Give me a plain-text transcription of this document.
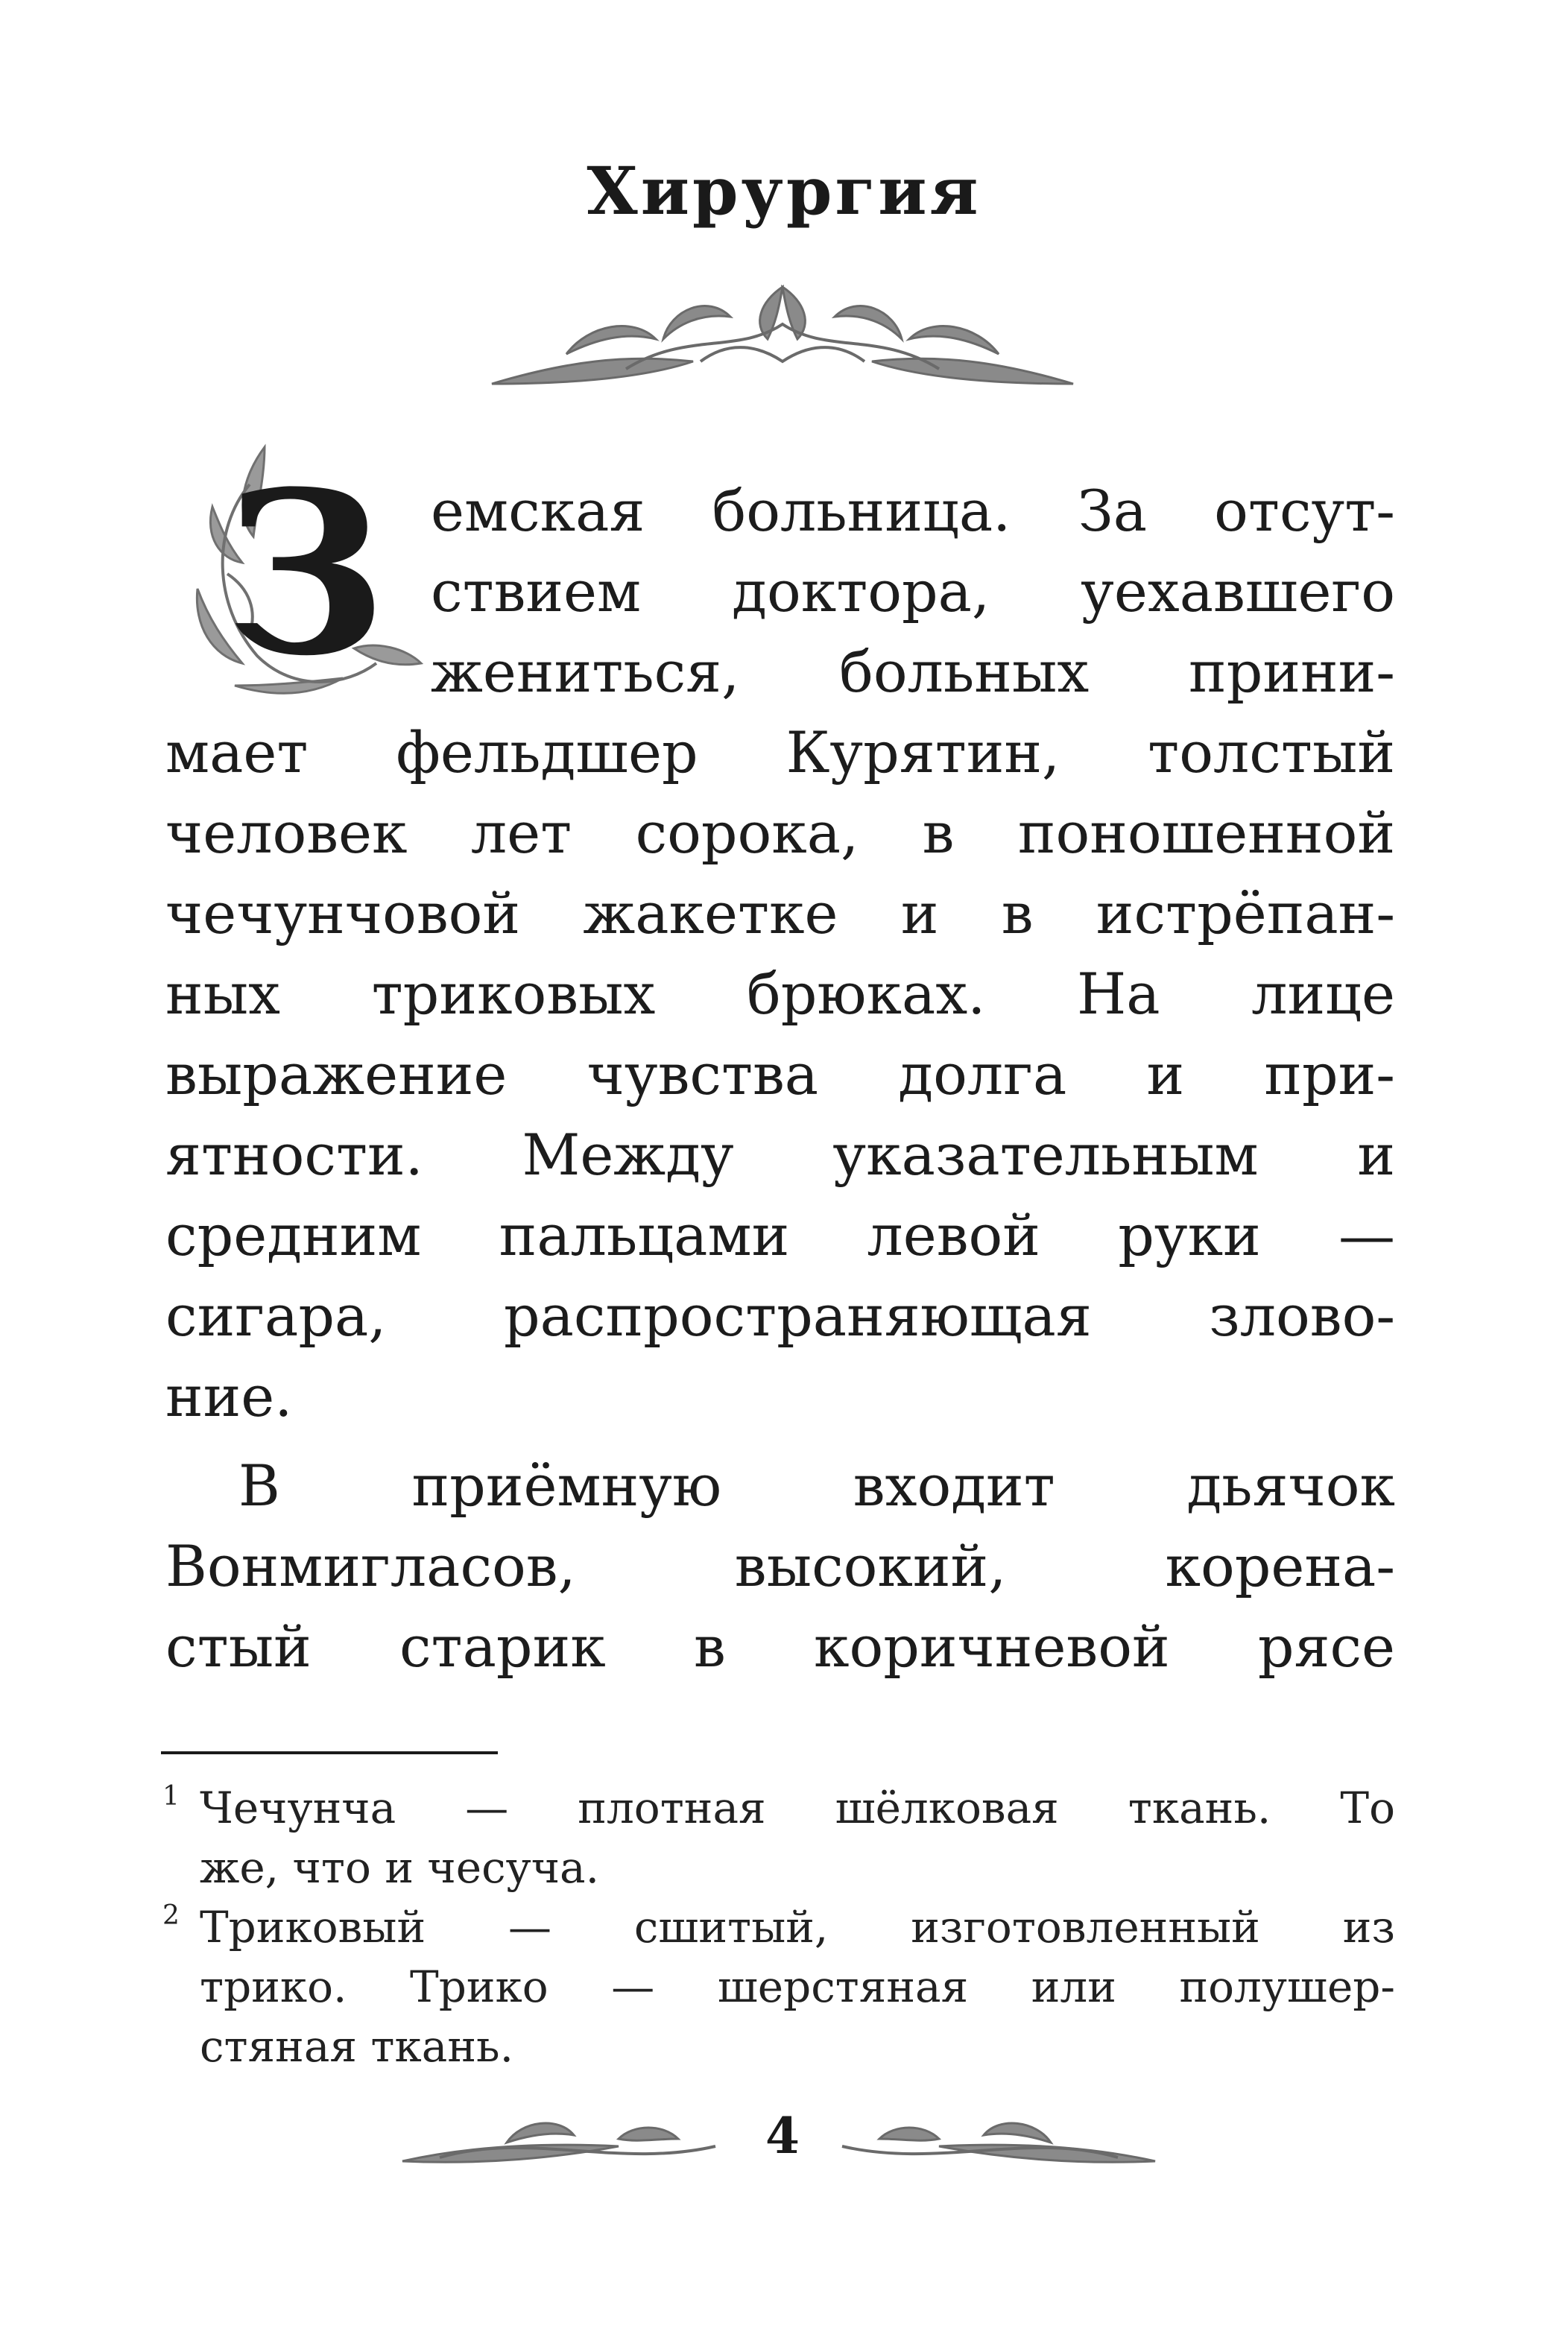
Хирургия
З емская больница. За отсут-
ствием доктора, уехавшего
жениться, больных прини-
мает фельдшер Курятин, толстый
человек лет сорока, в поношенной
чечунчовой жакетке и в истрёпан-
ных триковых брюках. На лице
выражение чувства долга и при-
ятности. Между указательным и
средним пальцами левой руки —
сигара, распространяющая злово-
ние.
В приёмную входит дьячок
Вонмигласов, высокий, корена-
стый старик в коричневой рясе
1 Чечунча — плотная шёлковая ткань. То
же, что и чесуча.
2 Триковый — сшитый, изготовленный из
трико. Трико — шерстяная или полушер-
стяная ткань.
4
